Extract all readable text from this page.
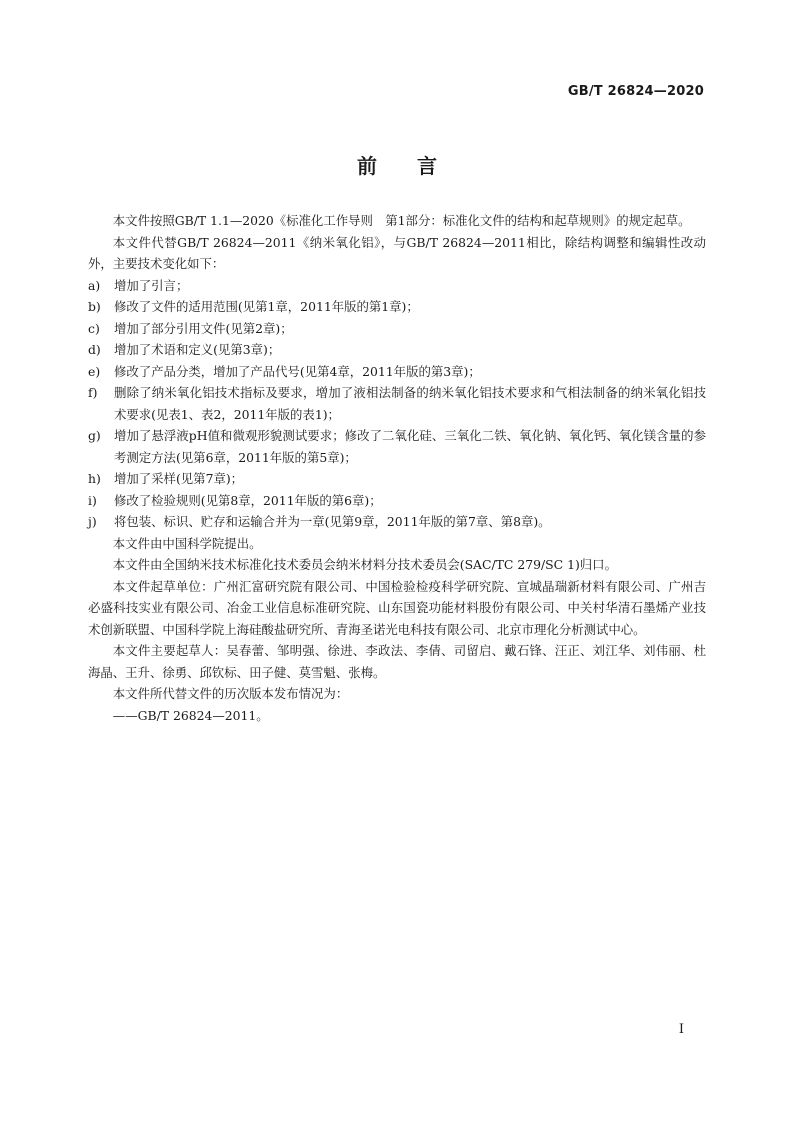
GB/T 26824—2020
前 言

本文件按照GB/T 1.1—2020《标准化工作导则　第1部分：标准化文件的结构和起草规则》的规定起草。

本文件代替GB/T 26824—2011《纳米氧化铝》，与GB/T 26824—2011相比，除结构调整和编辑性改动外，主要技术变化如下：

a)	增加了引言；
b)	修改了文件的适用范围(见第1章，2011年版的第1章)；
c)	增加了部分引用文件(见第2章)；
d)	增加了术语和定义(见第3章)；
e)	修改了产品分类，增加了产品代号(见第4章，2011年版的第3章)；
f)	删除了纳米氧化铝技术指标及要求，增加了液相法制备的纳米氧化铝技术要求和气相法制备的纳米氧化铝技术要求(见表1、表2，2011年版的表1)；
g)	增加了悬浮液pH值和微观形貌测试要求；修改了二氧化硅、三氧化二铁、氧化钠、氧化钙、氧化镁含量的参考测定方法(见第6章，2011年版的第5章)；
h)	增加了采样(见第7章)；
i)	修改了检验规则(见第8章，2011年版的第6章)；
j)	将包装、标识、贮存和运输合并为一章(见第9章，2011年版的第7章、第8章)。

本文件由中国科学院提出。

本文件由全国纳米技术标准化技术委员会纳米材料分技术委员会(SAC/TC 279/SC 1)归口。

本文件起草单位：广州汇富研究院有限公司、中国检验检疫科学研究院、宣城晶瑞新材料有限公司、广州吉必盛科技实业有限公司、冶金工业信息标准研究院、山东国瓷功能材料股份有限公司、中关村华清石墨烯产业技术创新联盟、中国科学院上海硅酸盐研究所、青海圣诺光电科技有限公司、北京市理化分析测试中心。

本文件主要起草人：吴春蕾、邹明强、徐进、李政法、李倩、司留启、戴石锋、汪正、刘江华、刘伟丽、杜海晶、王升、徐勇、邱钦标、田子健、莫雪魁、张梅。

本文件所代替文件的历次版本发布情况为：

——GB/T 26824—2011。

I
